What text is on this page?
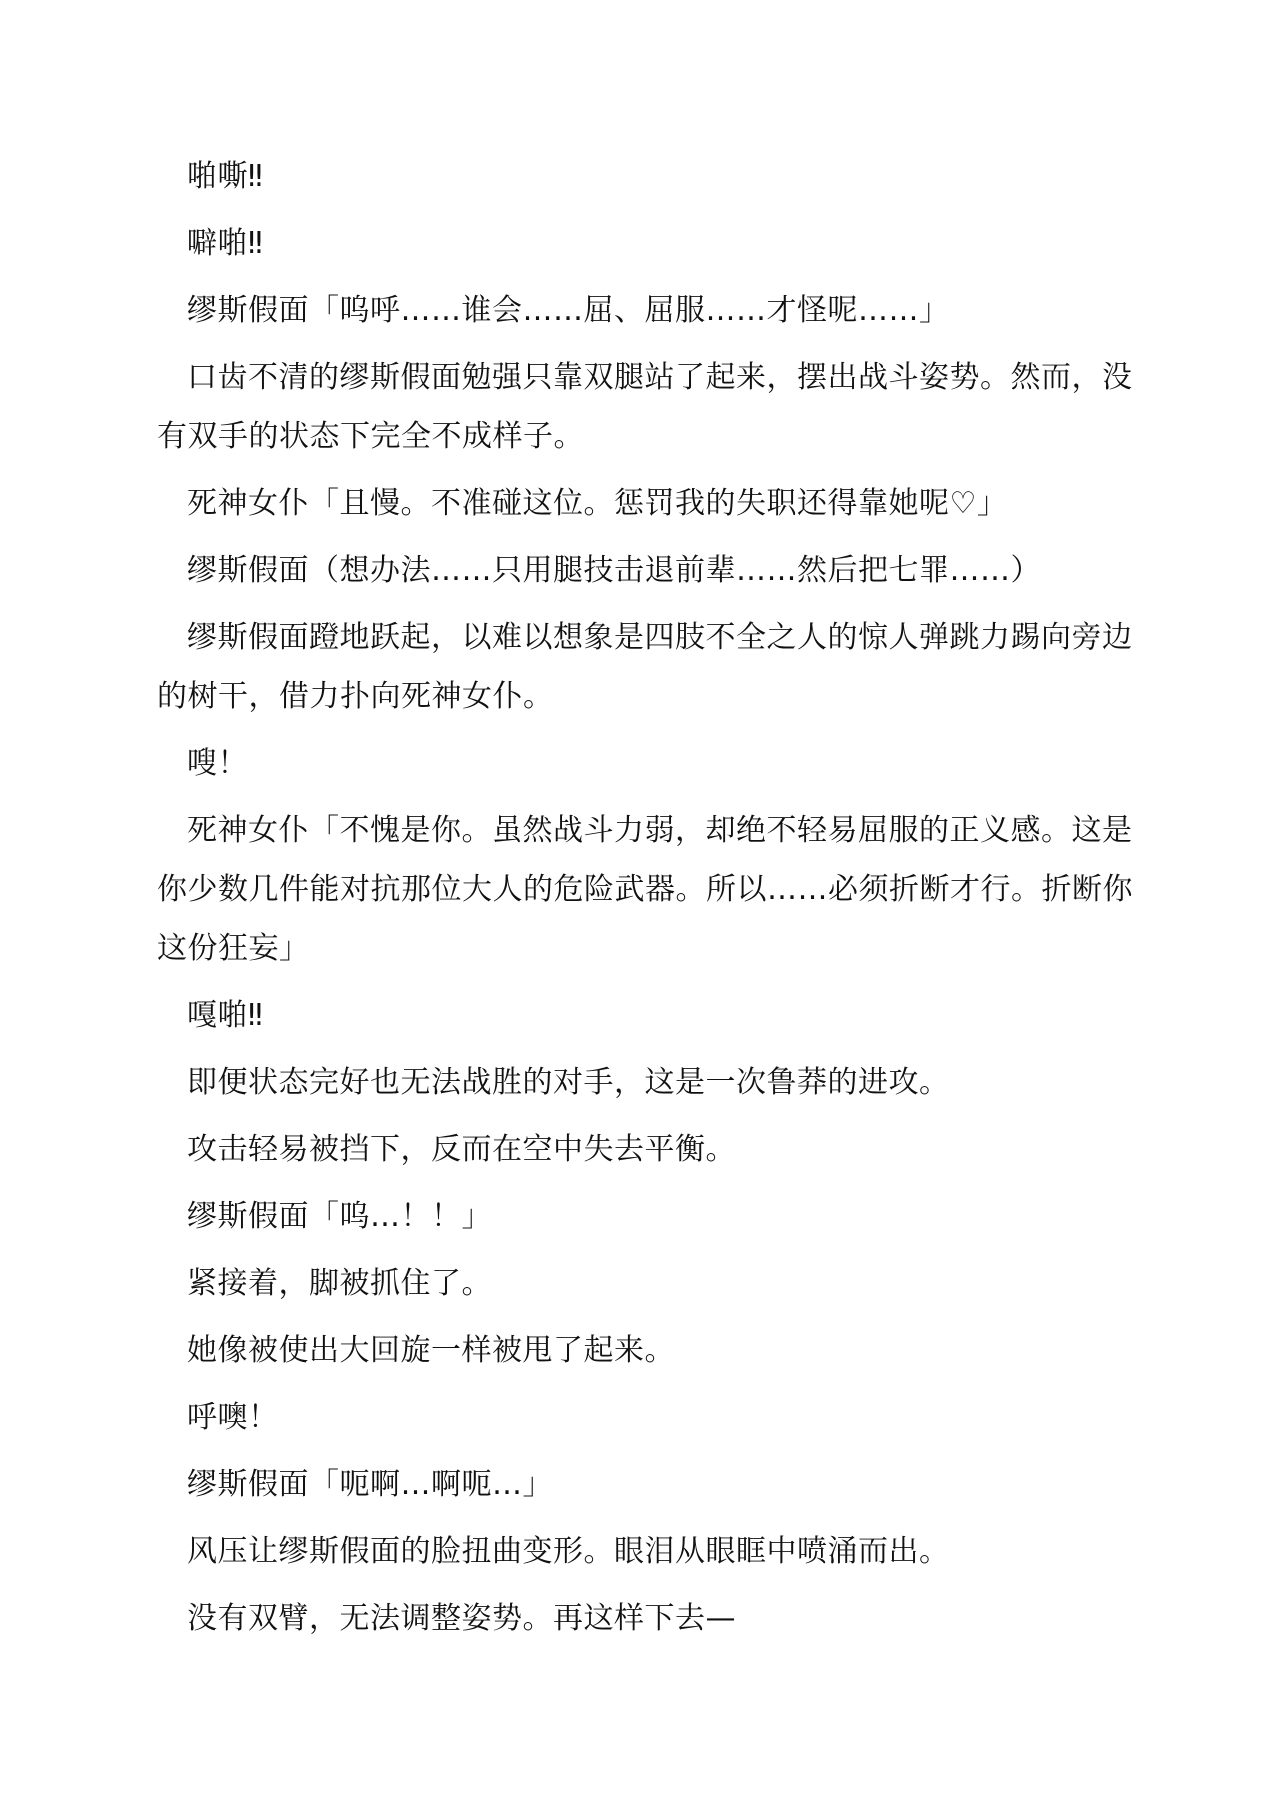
啪嘶‼

噼啪‼

缪斯假面「呜呼……谁会……屈、屈服……才怪呢……」

口齿不清的缪斯假面勉强只靠双腿站了起来，摆出战斗姿势。然而，没有双手的状态下完全不成样子。

死神女仆「且慢。不准碰这位。惩罚我的失职还得靠她呢♡」

缪斯假面（想办法……只用腿技击退前辈……然后把七罪……）

缪斯假面蹬地跃起，以难以想象是四肢不全之人的惊人弹跳力踢向旁边的树干，借力扑向死神女仆。

嗖！

死神女仆「不愧是你。虽然战斗力弱，却绝不轻易屈服的正义感。这是你少数几件能对抗那位大人的危险武器。所以……必须折断才行。折断你这份狂妄」

嘎啪‼

即便状态完好也无法战胜的对手，这是一次鲁莽的进攻。

攻击轻易被挡下，反而在空中失去平衡。

缪斯假面「呜…！！」

紧接着，脚被抓住了。

她像被使出大回旋一样被甩了起来。

呼噢！

缪斯假面「呃啊…啊呃…」

风压让缪斯假面的脸扭曲变形。眼泪从眼眶中喷涌而出。

没有双臂，无法调整姿势。再这样下去—
